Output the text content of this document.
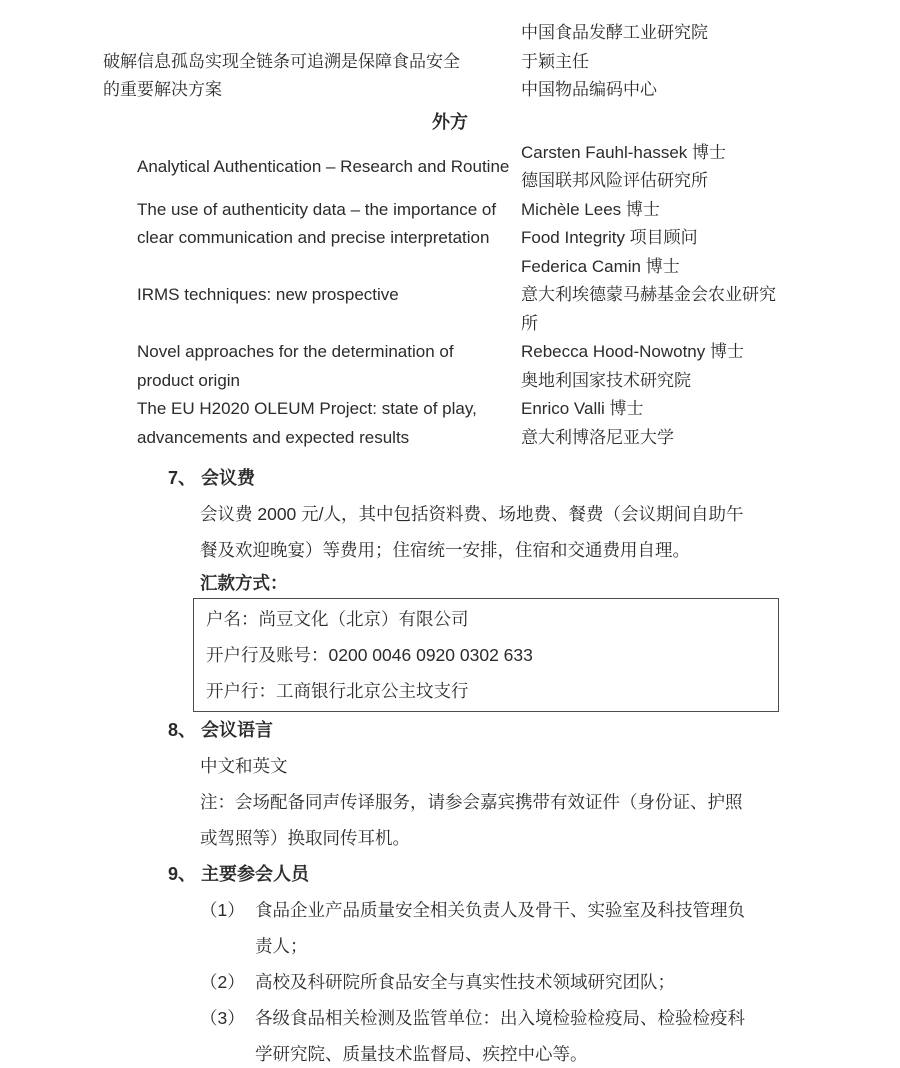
中国食品发酵工业研究院
破解信息孤岛实现全链条可追溯是保障食品安全
的重要解决方案
于颖主任
中国物品编码中心
外方
Analytical Authentication – Research and Routine
Carsten Fauhl-hassek 博士
德国联邦风险评估研究所
The use of authenticity data – the importance of
clear communication and precise interpretation
Michèle Lees 博士
Food Integrity 项目顾问
IRMS techniques: new prospective
Federica Camin 博士
意大利埃德蒙马赫基金会农业研究
所
Novel approaches for the determination of
product origin
Rebecca Hood-Nowotny 博士
奥地利国家技术研究院
The EU H2020 OLEUM Project: state of play,
advancements and expected results
Enrico Valli 博士
意大利博洛尼亚大学
7、 会议费
会议费 2000 元/人，其中包括资料费、场地费、餐费（会议期间自助午
餐及欢迎晚宴）等费用；住宿统一安排，住宿和交通费用自理。
汇款方式：
户名：尚豆文化（北京）有限公司
开户行及账号：0200 0046 0920 0302 633
开户行：工商银行北京公主坟支行
8、 会议语言
中文和英文
注：会场配备同声传译服务，请参会嘉宾携带有效证件（身份证、护照
或驾照等）换取同传耳机。
9、 主要参会人员
（1） 食品企业产品质量安全相关负责人及骨干、实验室及科技管理负
责人；
（2） 高校及科研院所食品安全与真实性技术领域研究团队；
（3） 各级食品相关检测及监管单位：出入境检验检疫局、检验检疫科
学研究院、质量技术监督局、疾控中心等。
